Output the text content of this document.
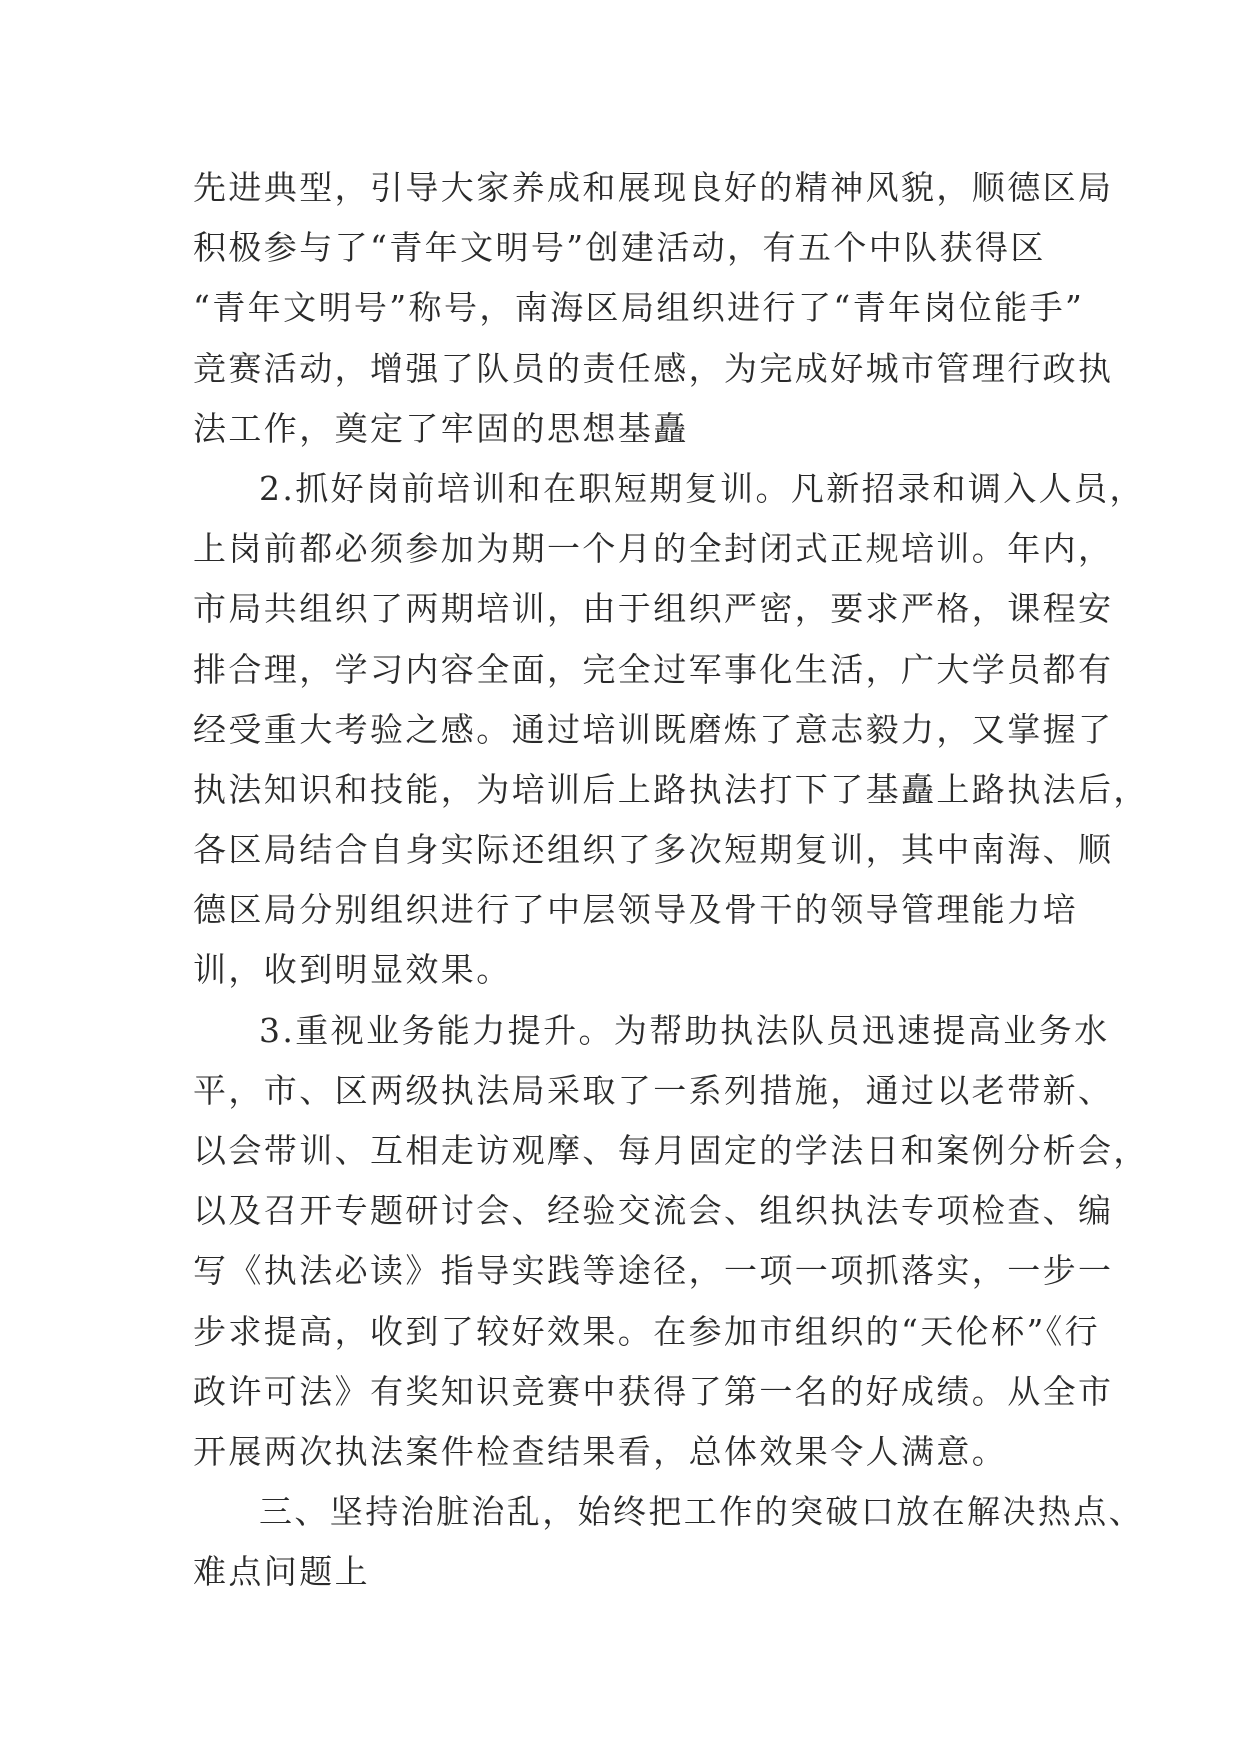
先进典型，引导大家养成和展现良好的精神风貌，顺德区局
积极参与了“青年文明号”创建活动，有五个中队获得区
“青年文明号”称号，南海区局组织进行了“青年岗位能手”
竞赛活动，增强了队员的责任感，为完成好城市管理行政执
法工作，奠定了牢固的思想基矗
2.抓好岗前培训和在职短期复训。凡新招录和调入人员，
上岗前都必须参加为期一个月的全封闭式正规培训。年内，
市局共组织了两期培训，由于组织严密，要求严格，课程安
排合理，学习内容全面，完全过军事化生活，广大学员都有
经受重大考验之感。通过培训既磨炼了意志毅力，又掌握了
执法知识和技能，为培训后上路执法打下了基矗上路执法后，
各区局结合自身实际还组织了多次短期复训，其中南海、顺
德区局分别组织进行了中层领导及骨干的领导管理能力培
训，收到明显效果。
3.重视业务能力提升。为帮助执法队员迅速提高业务水
平，市、区两级执法局采取了一系列措施，通过以老带新、
以会带训、互相走访观摩、每月固定的学法日和案例分析会，
以及召开专题研讨会、经验交流会、组织执法专项检查、编
写《执法必读》指导实践等途径，一项一项抓落实，一步一
步求提高，收到了较好效果。在参加市组织的“天伦杯”《行
政许可法》有奖知识竞赛中获得了第一名的好成绩。从全市
开展两次执法案件检查结果看，总体效果令人满意。
三、坚持治脏治乱，始终把工作的突破口放在解决热点、
难点问题上
